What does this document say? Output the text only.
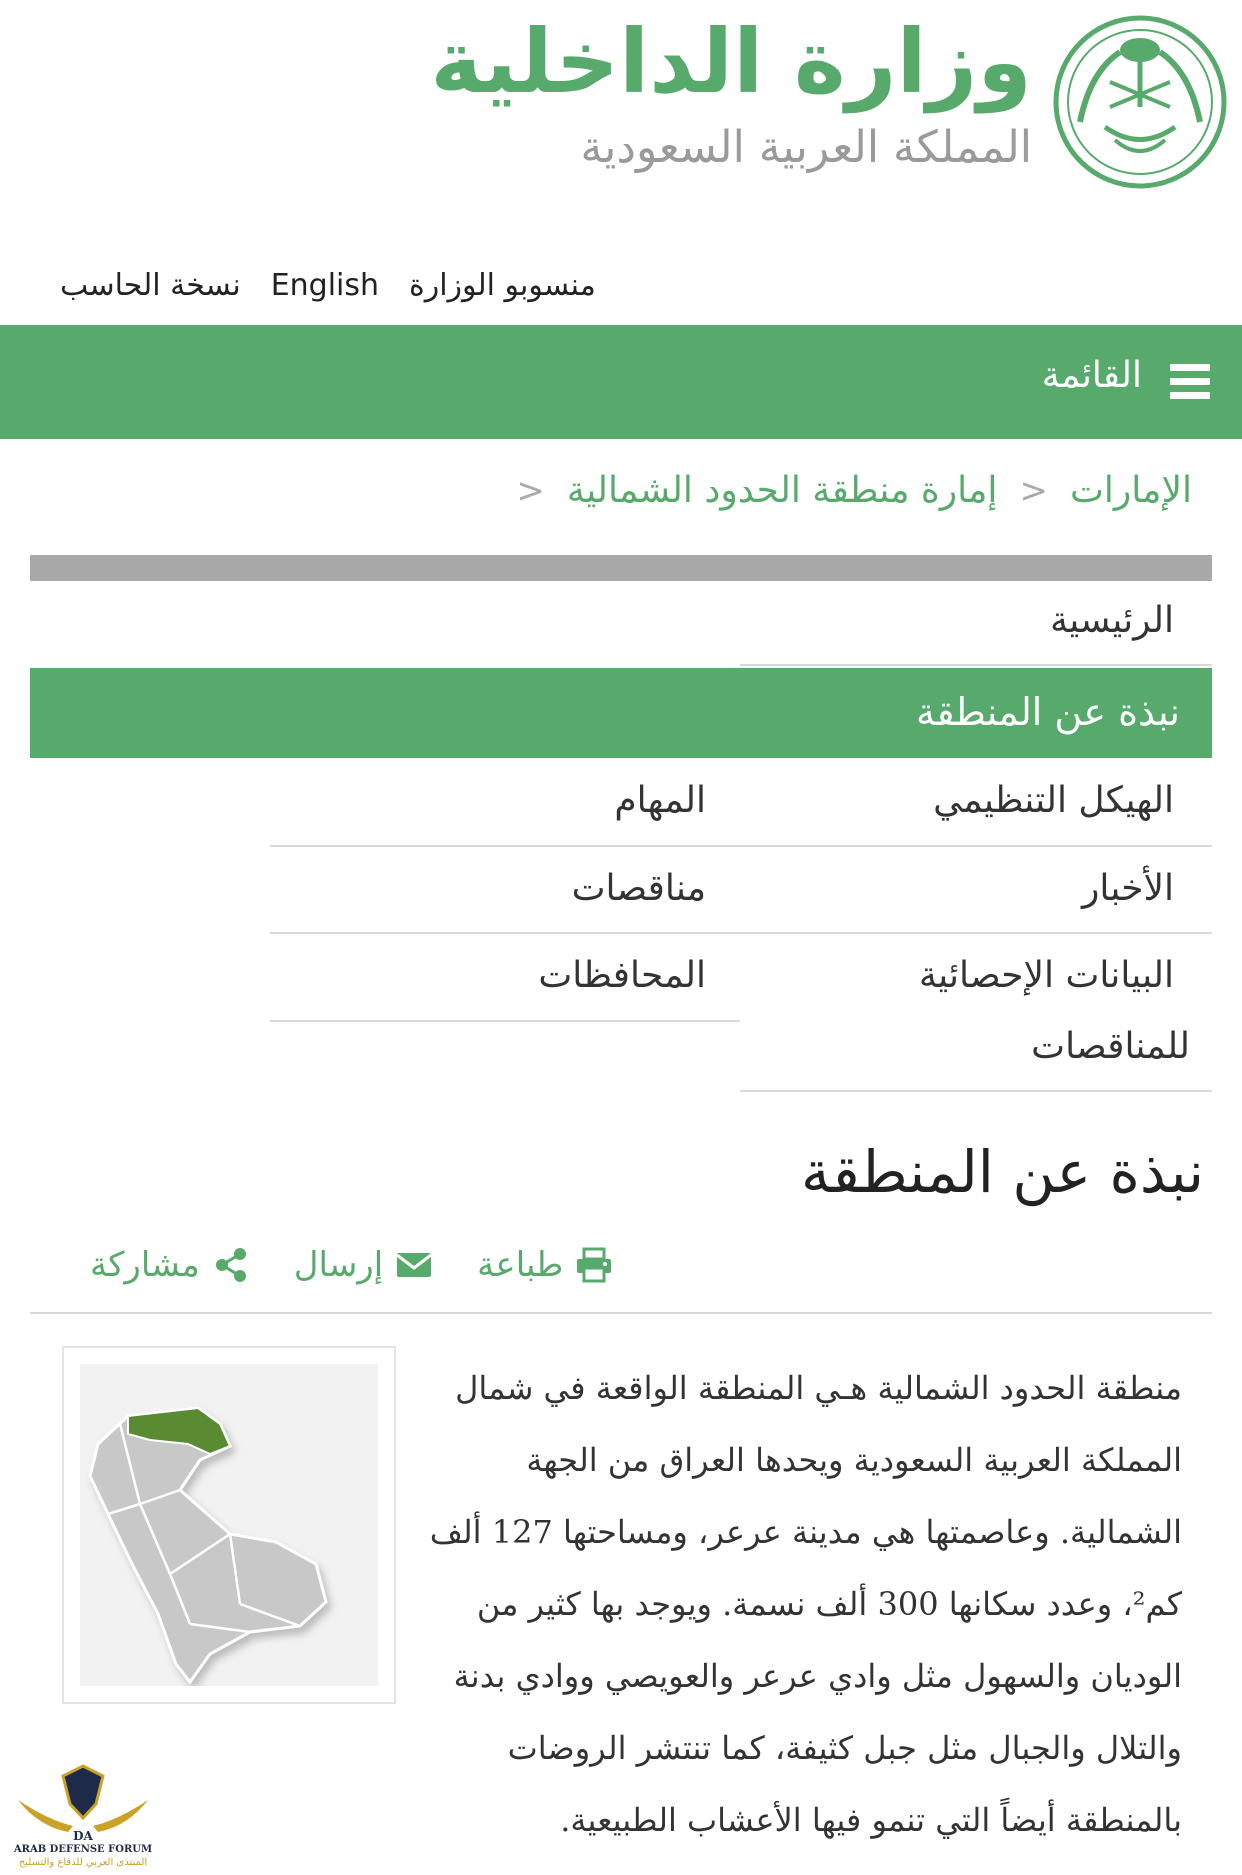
وزارة الداخلية
المملكة العربية السعودية
نسخة الحاسب English منسوبو الوزارة
القائمة
الإمارات
<
إمارة منطقة الحدود الشمالية
<
الرئيسية
نبذة عن المنطقة
الهيكل التنظيمي
المهام
الأخبار
مناقصات
البيانات الإحصائية
للمناقصات
المحافظات
نبذة عن المنطقة
مشاركة	إرسال	طباعة
منطقة الحدود الشمالية هـي المنطقة الواقعة في شمال
المملكة العربية السعودية ويحدها العراق من الجهة
الشمالية. وعاصمتها هي مدينة عرعر، ومساحتها 127 ألف
كم²، وعدد سكانها 300 ألف نسمة. ويوجد بها كثير من
الوديان والسهول مثل وادي عرعر والعويصي ووادي بدنة
والتلال والجبال مثل جبل كثيفة، كما تنتشر الروضات
بالمنطقة أيضاً التي تنمو فيها الأعشاب الطبيعية.
DA
ARAB DEFENSE FORUM
المنتدى العربي للدفاع والتسليح
